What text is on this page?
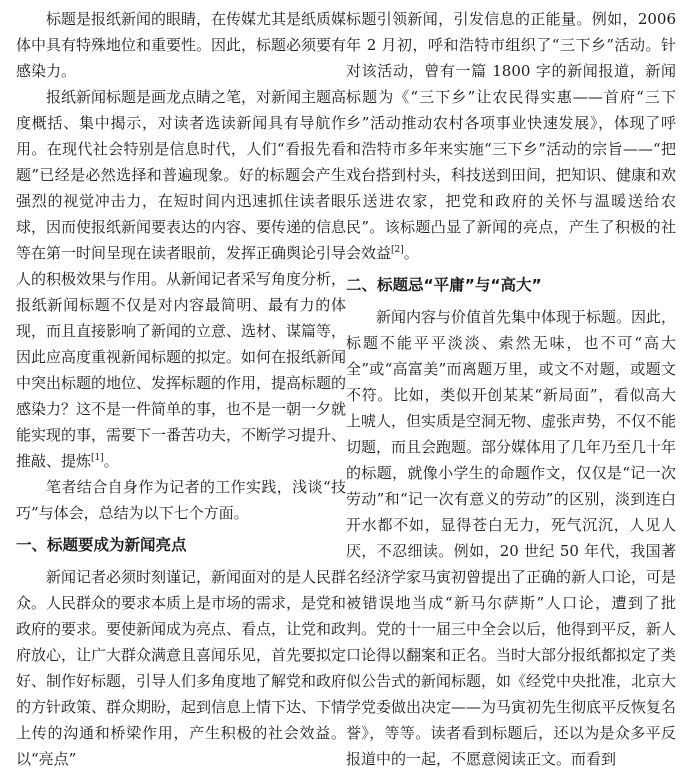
标题是报纸新闻的眼睛，在传媒尤其是纸质媒体中具有特殊地位和重要性。因此，标题必须要有感染力。

报纸新闻标题是画龙点睛之笔，对新闻主题高度概括、集中揭示，对读者选读新闻具有导航作用。在现代社会特别是信息时代，人们“看报先看题”已经是必然选择和普遍现象。好的标题会产生强烈的视觉冲击力，在短时间内迅速抓住读者眼球，因而使报纸新闻要表达的内容、要传递的信息等在第一时间呈现在读者眼前，发挥正确舆论引导人的积极效果与作用。从新闻记者采写角度分析，报纸新闻标题不仅是对内容最简明、最有力的体现，而且直接影响了新闻的立意、选材、谋篇等，因此应高度重视新闻标题的拟定。如何在报纸新闻中突出标题的地位、发挥标题的作用，提高标题的感染力？这不是一件简单的事，也不是一朝一夕就能实现的事，需要下一番苦功夫，不断学习提升、推敲、提炼[1]。

笔者结合自身作为记者的工作实践，浅谈“技巧”与体会，总结为以下七个方面。

一、标题要成为新闻亮点

新闻记者必须时刻谨记，新闻面对的是人民群众。人民群众的要求本质上是市场的需求，是党和政府的要求。要使新闻成为亮点、看点，让党和政府放心，让广大群众满意且喜闻乐见，首先要拟定好、制作好标题，引导人们多角度地了解党和政府的方针政策、群众期盼，起到信息上情下达、下情上传的沟通和桥梁作用，产生积极的社会效益。以“亮点”

标题引领新闻，引发信息的正能量。例如，2006 年 2 月初，呼和浩特市组织了“三下乡”活动。针对该活动，曾有一篇 1800 字的新闻报道，新闻标题为《“三下乡”让农民得实惠——首府“三下乡”活动推动农村各项事业快速发展》，体现了呼和浩特市多年来实施“三下乡”活动的宗旨——“把戏台搭到村头，科技送到田间，把知识、健康和欢乐送进农家，把党和政府的关怀与温暖送给农民”。该标题凸显了新闻的亮点，产生了积极的社会效益[2]。

二、标题忌“平庸”与“高大”

新闻内容与价值首先集中体现于标题。因此，标题不能平平淡淡、索然无味，也不可“高大全”或“高富美”而离题万里，或文不对题，或题文不符。比如，类似开创某某“新局面”，看似高大上唬人，但实质是空洞无物、虚张声势，不仅不能切题，而且会跑题。部分媒体用了几年乃至几十年的标题，就像小学生的命题作文，仅仅是“记一次劳动”和“记一次有意义的劳动”的区别，淡到连白开水都不如，显得苍白无力，死气沉沉，人见人厌，不忍细读。例如，20 世纪 50 年代，我国著名经济学家马寅初曾提出了正确的新人口论，可是被错误地当成“新马尔萨斯”人口论，遭到了批判。党的十一届三中全会以后，他得到平反，新人口论得以翻案和正名。当时大部分报纸都拟定了类似公告式的新闻标题，如《经党中央批准，北京大学党委做出决定——为马寅初先生彻底平反恢复名誉》，等等。读者看到标题后，还以为是众多平反报道中的一起，不愿意阅读正文。而看到
